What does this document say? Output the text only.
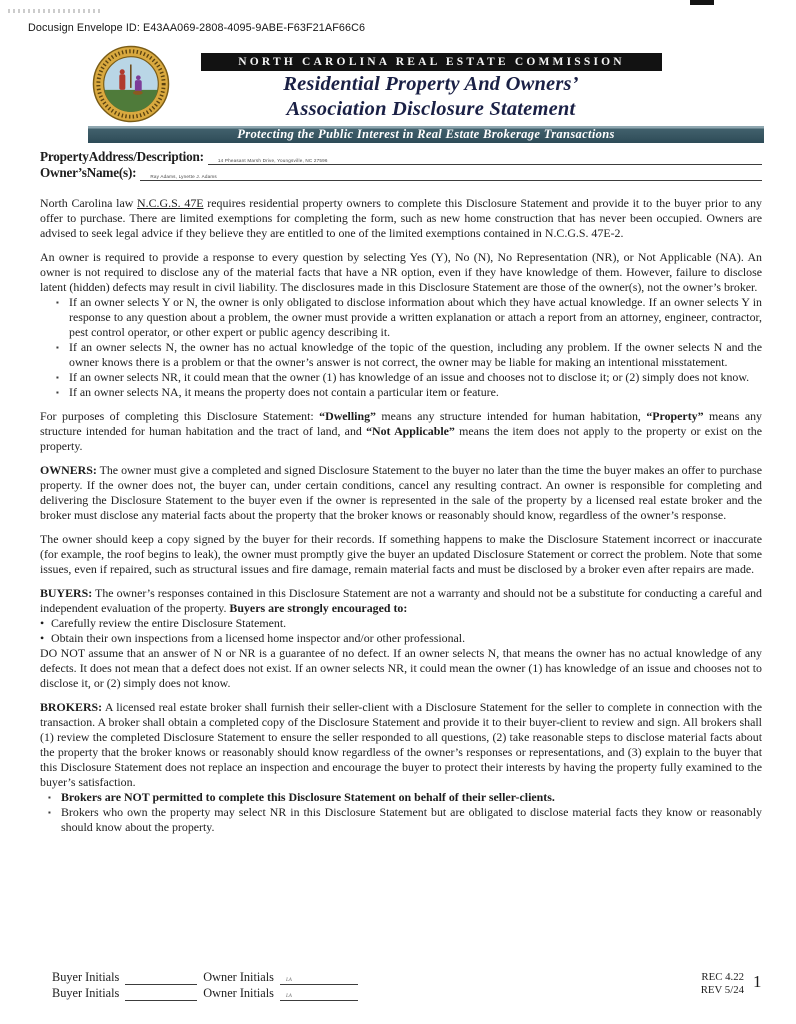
Docusign Envelope ID: E43AA069-2808-4095-9ABE-F63F21AF66C6
NORTH CAROLINA REAL ESTATE COMMISSION
Residential Property And Owners’
Association Disclosure Statement
Protecting the Public Interest in Real Estate Brokerage Transactions
PropertyAddress/Description:	14 Pheasant Marsh Drive, Youngsville, NC 27596
Owner’sName(s):	Ray Adams, Lynette J. Adams

North Carolina law N.C.G.S. 47E requires residential property owners to complete this Disclosure Statement and provide it to the buyer prior to any offer to purchase. There are limited exemptions for completing the form, such as new home construction that has never been occupied. Owners are advised to seek legal advice if they believe they are entitled to one of the limited exemptions contained in N.C.G.S. 47E-2.

An owner is required to provide a response to every question by selecting Yes (Y), No (N), No Representation (NR), or Not Applicable (NA). An owner is not required to disclose any of the material facts that have a NR option, even if they have knowledge of them. However, failure to disclose latent (hidden) defects may result in civil liability. The disclosures made in this Disclosure Statement are those of the owner(s), not the owner’s broker.

▪ If an owner selects Y or N, the owner is only obligated to disclose information about which they have actual knowledge. If an owner selects Y in response to any question about a problem, the owner must provide a written explanation or attach a report from an attorney, engineer, contractor, pest control operator, or other expert or public agency describing it.
▪ If an owner selects N, the owner has no actual knowledge of the topic of the question, including any problem. If the owner selects N and the owner knows there is a problem or that the owner’s answer is not correct, the owner may be liable for making an intentional misstatement.
▪ If an owner selects NR, it could mean that the owner (1) has knowledge of an issue and chooses not to disclose it; or (2) simply does not know.
▪ If an owner selects NA, it means the property does not contain a particular item or feature.

For purposes of completing this Disclosure Statement: “Dwelling” means any structure intended for human habitation, “Property” means any structure intended for human habitation and the tract of land, and “Not Applicable” means the item does not apply to the property or exist on the property.

OWNERS: The owner must give a completed and signed Disclosure Statement to the buyer no later than the time the buyer makes an offer to purchase property. If the owner does not, the buyer can, under certain conditions, cancel any resulting contract. An owner is responsible for completing and delivering the Disclosure Statement to the buyer even if the owner is represented in the sale of the property by a licensed real estate broker and the broker must disclose any material facts about the property that the broker knows or reasonably should know, regardless of the owner’s response.

The owner should keep a copy signed by the buyer for their records. If something happens to make the Disclosure Statement incorrect or inaccurate (for example, the roof begins to leak), the owner must promptly give the buyer an updated Disclosure Statement or correct the problem. Note that some issues, even if repaired, such as structural issues and fire damage, remain material facts and must be disclosed by a broker even after repairs are made.

BUYERS: The owner’s responses contained in this Disclosure Statement are not a warranty and should not be a substitute for conducting a careful and independent evaluation of the property. Buyers are strongly encouraged to:

• Carefully review the entire Disclosure Statement.
• Obtain their own inspections from a licensed home inspector and/or other professional.

DO NOT assume that an answer of N or NR is a guarantee of no defect. If an owner selects N, that means the owner has no actual knowledge of any defects. It does not mean that a defect does not exist. If an owner selects NR, it could mean the owner (1) has knowledge of an issue and chooses not to disclose it, or (2) simply does not know.

BROKERS: A licensed real estate broker shall furnish their seller-client with a Disclosure Statement for the seller to complete in connection with the transaction. A broker shall obtain a completed copy of the Disclosure Statement and provide it to their buyer-client to review and sign. All brokers shall (1) review the completed Disclosure Statement to ensure the seller responded to all questions, (2) take reasonable steps to disclose material facts about the property that the broker knows or reasonably should know regardless of the owner’s responses or representations, and (3) explain to the buyer that this Disclosure Statement does not replace an inspection and encourage the buyer to protect their interests by having the property fully examined to the buyer’s satisfaction.

▪ Brokers are NOT permitted to complete this Disclosure Statement on behalf of their seller-clients.
▪ Brokers who own the property may select NR in this Disclosure Statement but are obligated to disclose material facts they know or reasonably should know about the property.
Buyer Initials	Owner Initials LA
Buyer Initials	Owner Initials LA
REC 4.22
REV 5/24 1
